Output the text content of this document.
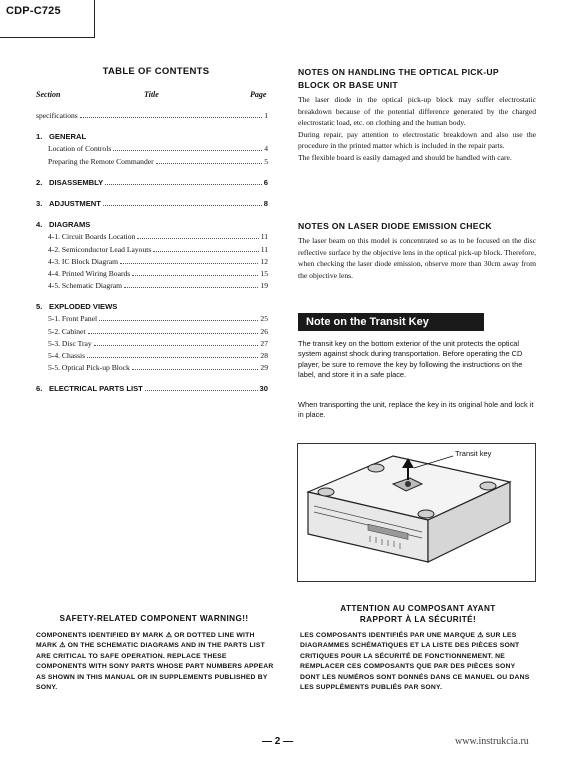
CDP-C725
TABLE OF CONTENTS
Section	Title	Page
specifications	1
1. GENERAL
Location of Controls	4
Preparing the Remote Commander	5
2. DISASSEMBLY	6
3. ADJUSTMENT	8
4. DIAGRAMS
4-1. Circuit Boards Location	11
4-2. Semiconductor Lead Layouts	11
4-3. IC Block Diagram	12
4-4. Printed Wiring Boards	15
4-5. Schematic Diagram	19
5. EXPLODED VIEWS
5-1. Front Panel	25
5-2. Cabinet	26
5-3. Disc Tray	27
5-4. Chassis	28
5-5. Optical Pick-up Block	29
6. ELECTRICAL PARTS LIST	30
NOTES ON HANDLING THE OPTICAL PICK-UP
BLOCK OR BASE UNIT
The laser diode in the optical pick-up block may suffer electrostatic breakdown because of the potential difference generated by the charged electrostatic load, etc. on clothing and the human body.
During repair, pay attention to electrostatic breakdown and also use the procedure in the printed matter which is included in the repair parts.
The flexible board is easily damaged and should be handled with care.
NOTES ON LASER DIODE EMISSION CHECK
The laser beam on this model is concentrated so as to be focused on the disc reflective surface by the objective lens in the optical pick-up block. Therefore, when checking the laser diode emission, observe more than 30cm away from the objective lens.
Note on the Transit Key
The transit key on the bottom exterior of the unit protects the optical system against shock during transportation. Before operating the CD player, be sure to remove the key by following the instructions on the label, and store it in a safe place.
When transporting the unit, replace the key in its original hole and lock it in place.
Transit key
SAFETY-RELATED COMPONENT WARNING!!
COMPONENTS IDENTIFIED BY MARK ⚠ OR DOTTED LINE WITH MARK ⚠ ON THE SCHEMATIC DIAGRAMS AND IN THE PARTS LIST ARE CRITICAL TO SAFE OPERATION. REPLACE THESE COMPONENTS WITH SONY PARTS WHOSE PART NUMBERS APPEAR AS SHOWN IN THIS MANUAL OR IN SUPPLEMENTS PUBLISHED BY SONY.
ATTENTION AU COMPOSANT AYANT
RAPPORT À LA SÉCURITÉ!
LES COMPOSANTS IDENTIFIÉS PAR UNE MARQUE ⚠ SUR LES DIAGRAMMES SCHÉMATIQUES ET LA LISTE DES PIÈCES SONT CRITIQUES POUR LA SÉCURITÉ DE FONCTIONNEMENT. NE REMPLACER CES COMPOSANTS QUE PAR DES PIÈCES SONY DONT LES NUMÉROS SONT DONNÉS DANS CE MANUEL OU DANS LES SUPPLÉMENTS PUBLIÉS PAR SONY.
— 2 —	www.instrukcia.ru
